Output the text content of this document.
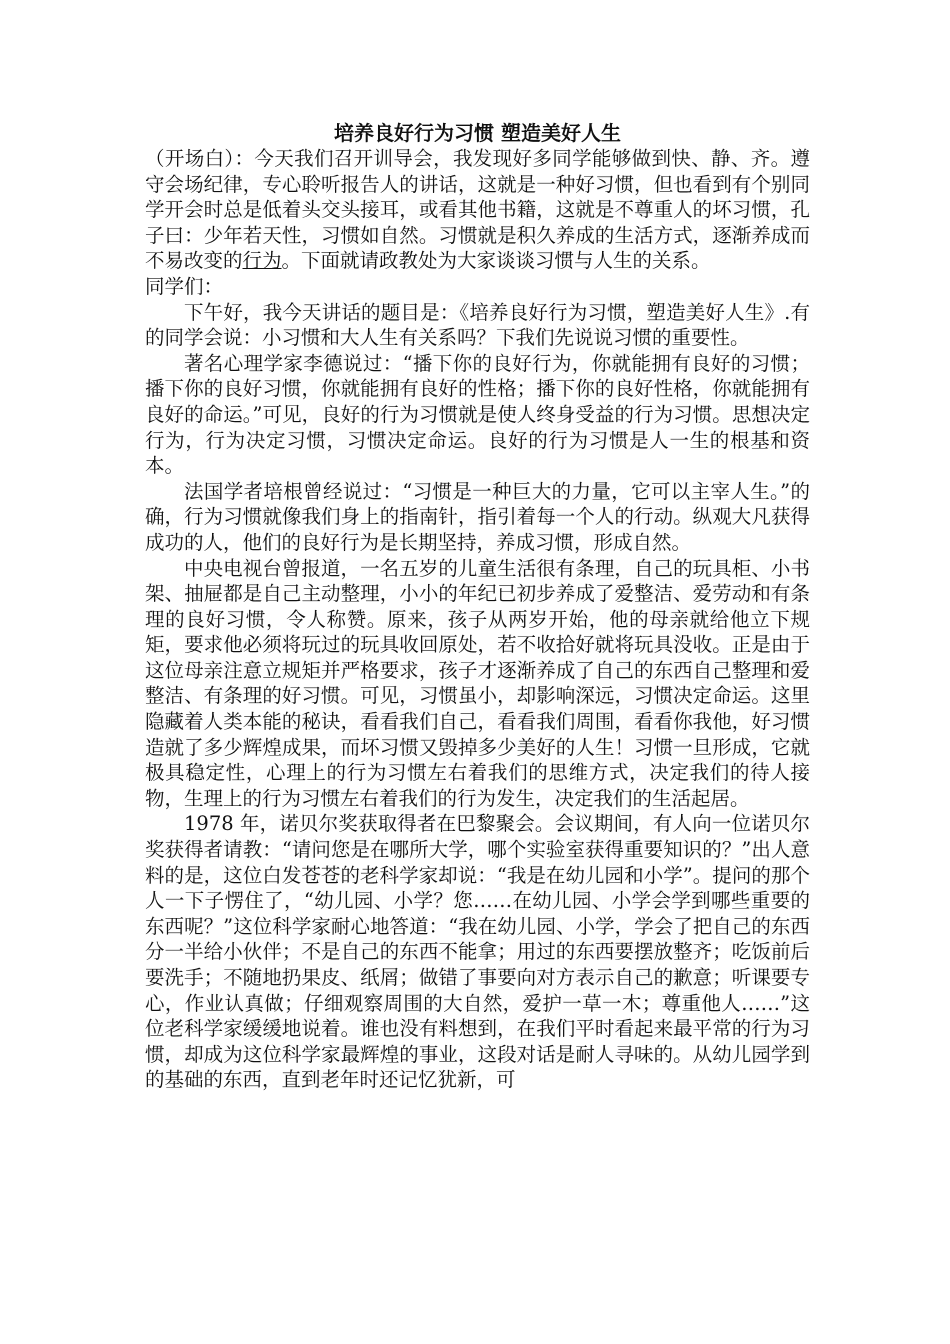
培养良好行为习惯 塑造美好人生

（开场白）：今天我们召开训导会，我发现好多同学能够做到快、静、齐。遵守会场纪律，专心聆听报告人的讲话，这就是一种好习惯，但也看到有个别同学开会时总是低着头交头接耳，或看其他书籍，这就是不尊重人的坏习惯，孔子曰：少年若天性，习惯如自然。习惯就是积久养成的生活方式，逐渐养成而不易改变的行为。下面就请政教处为大家谈谈习惯与人生的关系。

同学们：

下午好，我今天讲话的题目是：《培养良好行为习惯，塑造美好人生》.有的同学会说：小习惯和大人生有关系吗？下我们先说说习惯的重要性。

著名心理学家李德说过：“播下你的良好行为，你就能拥有良好的习惯；播下你的良好习惯，你就能拥有良好的性格；播下你的良好性格，你就能拥有良好的命运。”可见，良好的行为习惯就是使人终身受益的行为习惯。思想决定行为，行为决定习惯，习惯决定命运。良好的行为习惯是人一生的根基和资本。

法国学者培根曾经说过：“习惯是一种巨大的力量，它可以主宰人生。”的确，行为习惯就像我们身上的指南针，指引着每一个人的行动。纵观大凡获得成功的人，他们的良好行为是长期坚持，养成习惯，形成自然。

中央电视台曾报道，一名五岁的儿童生活很有条理，自己的玩具柜、小书架、抽屉都是自己主动整理，小小的年纪已初步养成了爱整洁、爱劳动和有条理的良好习惯，令人称赞。原来，孩子从两岁开始，他的母亲就给他立下规矩，要求他必须将玩过的玩具收回原处，若不收拾好就将玩具没收。正是由于这位母亲注意立规矩并严格要求，孩子才逐渐养成了自己的东西自己整理和爱整洁、有条理的好习惯。可见，习惯虽小，却影响深远，习惯决定命运。这里隐藏着人类本能的秘诀，看看我们自己，看看我们周围，看看你我他，好习惯造就了多少辉煌成果，而坏习惯又毁掉多少美好的人生！习惯一旦形成，它就极具稳定性，心理上的行为习惯左右着我们的思维方式，决定我们的待人接物，生理上的行为习惯左右着我们的行为发生，决定我们的生活起居。

1978 年，诺贝尔奖获取得者在巴黎聚会。会议期间，有人向一位诺贝尔奖获得者请教：“请问您是在哪所大学，哪个实验室获得重要知识的？”出人意料的是，这位白发苍苍的老科学家却说：“我是在幼儿园和小学”。提问的那个人一下子愣住了，“幼儿园、小学？您……在幼儿园、小学会学到哪些重要的东西呢？”这位科学家耐心地答道：“我在幼儿园、小学，学会了把自己的东西分一半给小伙伴；不是自己的东西不能拿；用过的东西要摆放整齐；吃饭前后要洗手；不随地扔果皮、纸屑；做错了事要向对方表示自己的歉意；听课要专心，作业认真做；仔细观察周围的大自然，爱护一草一木；尊重他人……”这位老科学家缓缓地说着。谁也没有料想到，在我们平时看起来最平常的行为习惯，却成为这位科学家最辉煌的事业，这段对话是耐人寻味的。从幼儿园学到的基础的东西，直到老年时还记忆犹新，可
